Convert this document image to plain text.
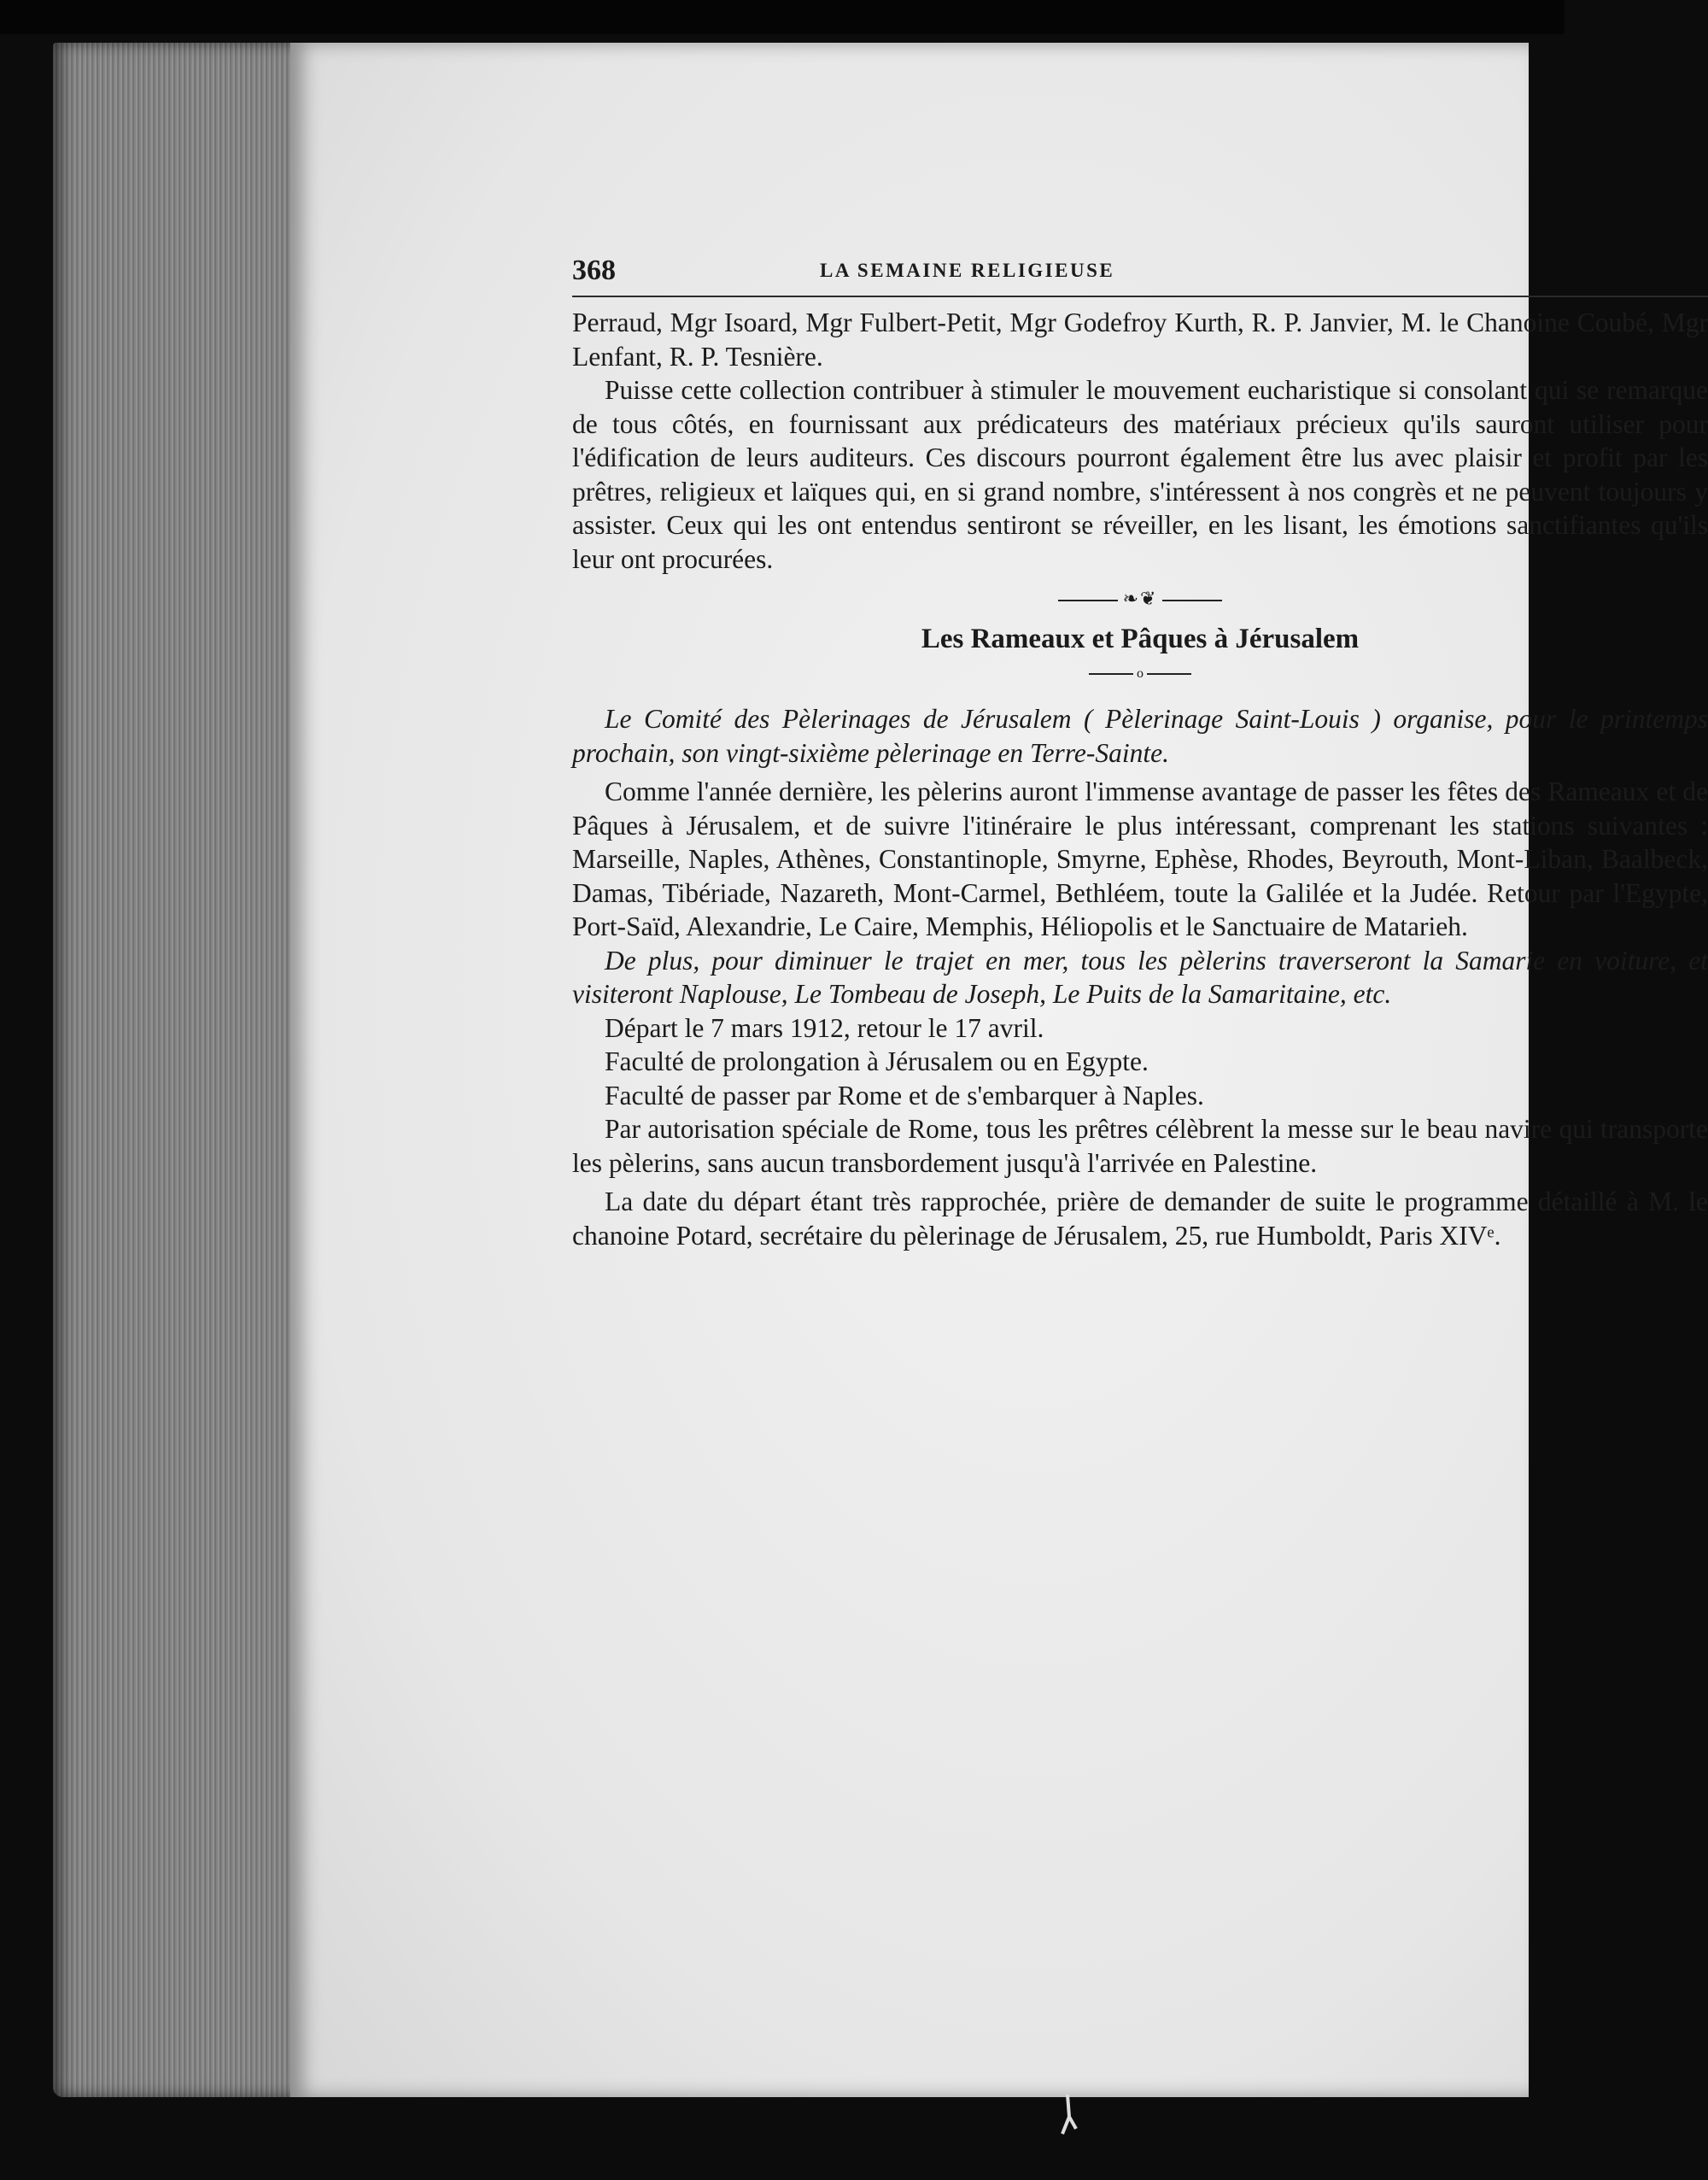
368	LA SEMAINE RELIGIEUSE

Perraud, Mgr Isoard, Mgr Fulbert-Petit, Mgr Godefroy Kurth, R. P. Janvier, M. le Chanoine Coubé, Mgr Lenfant, R. P. Tesnière.

Puisse cette collection contribuer à stimuler le mouvement eucharistique si consolant qui se remarque de tous côtés, en fournissant aux prédicateurs des matériaux précieux qu'ils sauront utiliser pour l'édification de leurs auditeurs. Ces discours pourront également être lus avec plaisir et profit par les prêtres, religieux et laïques qui, en si grand nombre, s'intéressent à nos congrès et ne peuvent toujours y assister. Ceux qui les ont entendus sentiront se réveiller, en les lisant, les émotions sanctifiantes qu'ils leur ont procurées.

❧❦
Les Rameaux et Pâques à Jérusalem
o

Le Comité des Pèlerinages de Jérusalem ( Pèlerinage Saint-Louis ) organise, pour le printemps prochain, son vingt-sixième pèlerinage en Terre-Sainte.

Comme l'année dernière, les pèlerins auront l'immense avantage de passer les fêtes des Rameaux et de Pâques à Jérusalem, et de suivre l'itinéraire le plus intéressant, comprenant les stations suivantes : Marseille, Naples, Athènes, Constantinople, Smyrne, Ephèse, Rhodes, Beyrouth, Mont-Liban, Baalbeck, Damas, Tibériade, Nazareth, Mont-Carmel, Bethléem, toute la Galilée et la Judée. Retour par l'Egypte, Port-Saïd, Alexandrie, Le Caire, Memphis, Héliopolis et le Sanctuaire de Matarieh.

De plus, pour diminuer le trajet en mer, tous les pèlerins traverseront la Samarie en voiture, et visiteront Naplouse, Le Tombeau de Joseph, Le Puits de la Samaritaine, etc.

Départ le 7 mars 1912, retour le 17 avril.

Faculté de prolongation à Jérusalem ou en Egypte.

Faculté de passer par Rome et de s'embarquer à Naples.

Par autorisation spéciale de Rome, tous les prêtres célèbrent la messe sur le beau navire qui transporte les pèlerins, sans aucun transbordement jusqu'à l'arrivée en Palestine.

La date du départ étant très rapprochée, prière de demander de suite le programme détaillé à M. le chanoine Potard, secrétaire du pèlerinage de Jérusalem, 25, rue Humboldt, Paris XIVᵉ.
